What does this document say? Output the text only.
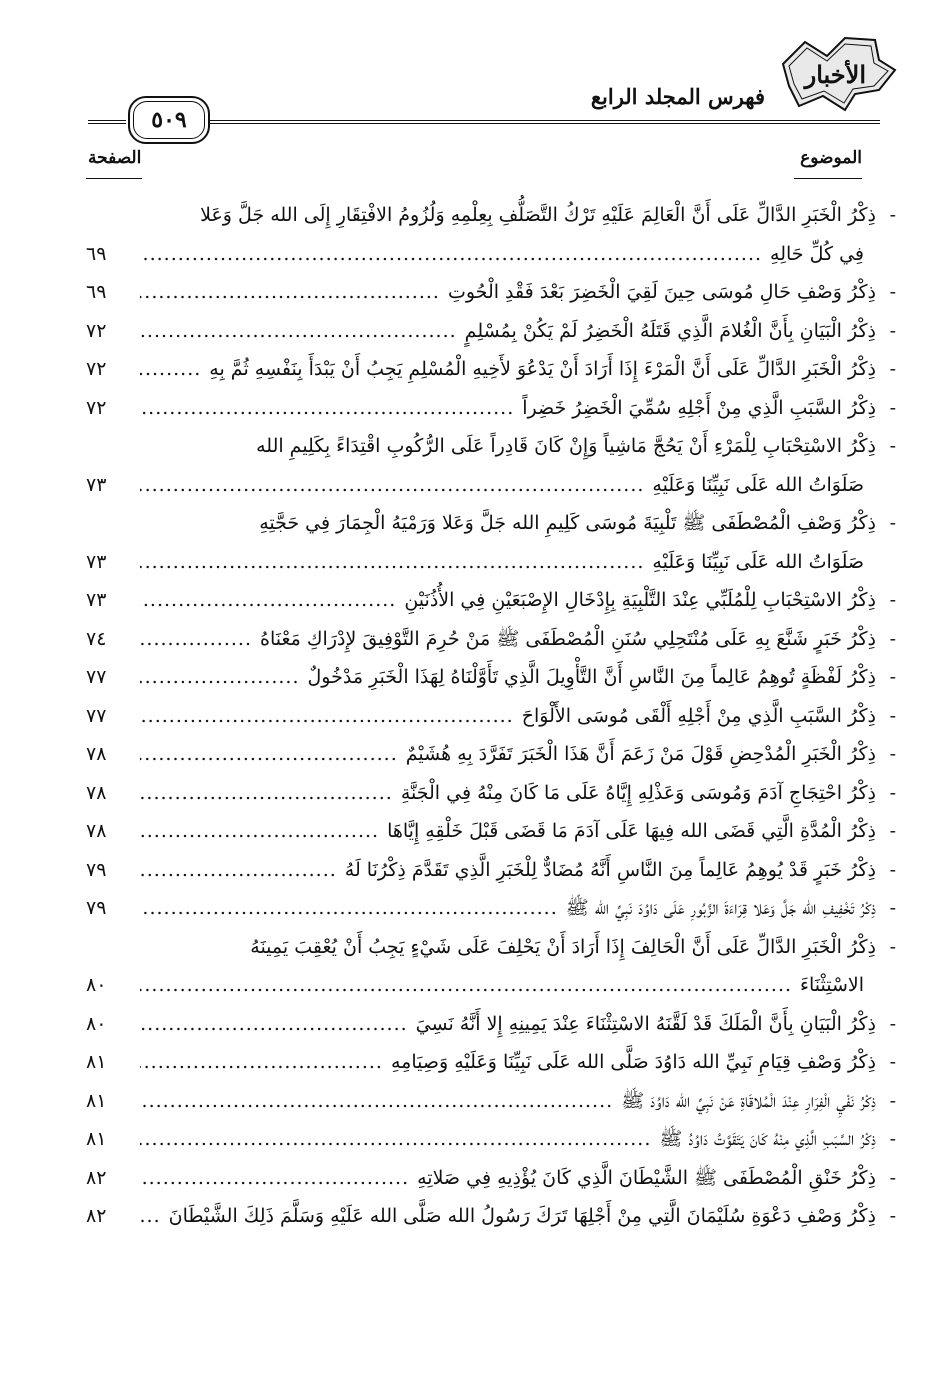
الأخبار
فهرس المجلد الرابع
٥٠٩
الموضوع
الصفحة
-
ذِكْرُ الْخَبَرِ الدَّالِّ عَلَى أَنَّ الْعَالِمَ عَلَيْهِ تَرْكُ التَّصَلُّفِ بِعِلْمِهِ وَلُزُومُ الافْتِقَارِ إِلَى الله جَلَّ وَعَلا
فِي كُلِّ حَالِهِ
.....
٦٩
-
ذِكْرُ وَصْفِ حَالِ مُوسَى حِينَ لَقِيَ الْخَضِرَ بَعْدَ فَقْدِ الْحُوتِ
.....
٦٩
-
ذِكْرُ الْبَيَانِ بِأَنَّ الْغُلامَ الَّذِي قَتَلَهُ الْخَضِرُ لَمْ يَكُنْ بِمُسْلِمٍ
.....
٧٢
-
ذِكْرُ الْخَبَرِ الدَّالِّ عَلَى أَنَّ الْمَرْءَ إِذَا أَرَادَ أَنْ يَدْعُوَ لأَخِيهِ الْمُسْلِمِ يَجِبُ أَنْ يَبْدَأَ بِنَفْسِهِ ثُمَّ بِهِ
.....
٧٢
-
ذِكْرُ السَّبَبِ الَّذِي مِنْ أَجْلِهِ سُمِّيَ الْخَضِرُ خَضِراً
.....
٧٢
-
ذِكْرُ الاسْتِحْبَابِ لِلْمَرْءِ أَنْ يَحُجَّ مَاشِياً وَإِنْ كَانَ قَادِراً عَلَى الرُّكُوبِ اقْتِدَاءً بِكَلِيمِ الله
صَلَوَاتُ الله عَلَى نَبِيِّنَا وَعَلَيْهِ
.....
٧٣
-
ذِكْرُ وَصْفِ الْمُصْطَفَى ﷺ تَلْبِيَةَ مُوسَى كَلِيمِ الله جَلَّ وَعَلا وَرَمْيَهُ الْجِمَارَ فِي حَجَّتِهِ
صَلَوَاتُ الله عَلَى نَبِيِّنَا وَعَلَيْهِ
.....
٧٣
-
ذِكْرُ الاسْتِحْبَابِ لِلْمُلَبِّي عِنْدَ التَّلْبِيَةِ بِإِدْخَالِ الإِصْبَعَيْنِ فِي الأُذُنَيْنِ
.....
٧٣
-
ذِكْرُ خَبَرٍ شَنَّعَ بِهِ عَلَى مُنْتَحِلِي سُنَنِ الْمُصْطَفَى ﷺ مَنْ حُرِمَ التَّوْفِيقَ لإِدْرَاكِ مَعْنَاهُ
.....
٧٤
-
ذِكْرُ لَفْظَةٍ تُوهِمُ عَالِماً مِنَ النَّاسِ أَنَّ التَّأْوِيلَ الَّذِي تَأَوَّلْنَاهُ لِهَذَا الْخَبَرِ مَدْخُولٌ
.....
٧٧
-
ذِكْرُ السَّبَبِ الَّذِي مِنْ أَجْلِهِ أَلْقَى مُوسَى الأَلْوَاحَ
.....
٧٧
-
ذِكْرُ الْخَبَرِ الْمُدْحِضِ قَوْلَ مَنْ زَعَمَ أَنَّ هَذَا الْخَبَرَ تَفَرَّدَ بِهِ هُشَيْمٌ
.....
٧٨
-
ذِكْرُ احْتِجَاجِ آدَمَ وَمُوسَى وَعَذْلِهِ إِيَّاهُ عَلَى مَا كَانَ مِنْهُ فِي الْجَنَّةِ
.....
٧٨
-
ذِكْرُ الْمُدَّةِ الَّتِي قَضَى الله فِيهَا عَلَى آدَمَ مَا قَضَى قَبْلَ خَلْقِهِ إِيَّاهَا
.....
٧٨
-
ذِكْرُ خَبَرٍ قَدْ يُوهِمُ عَالِماً مِنَ النَّاسِ أَنَّهُ مُضَادٌّ لِلْخَبَرِ الَّذِي تَقَدَّمَ ذِكْرُنَا لَهُ
.....
٧٩
-
ذِكْرُ تَخْفِيفِ الله جَلَّ وَعَلا قِرَاءَةَ الزَّبُورِ عَلَى دَاوُدَ نَبِيِّ الله ﷺ
.....
٧٩
-
ذِكْرُ الْخَبَرِ الدَّالِّ عَلَى أَنَّ الْحَالِفَ إِذَا أَرَادَ أَنْ يَحْلِفَ عَلَى شَيْءٍ يَجِبُ أَنْ يُعْقِبَ يَمِينَهُ
الاسْتِثْنَاءَ
.....
٨٠
-
ذِكْرُ الْبَيَانِ بِأَنَّ الْمَلَكَ قَدْ لَقَّنَهُ الاسْتِثْنَاءَ عِنْدَ يَمِينِهِ إِلا أَنَّهُ نَسِيَ
.....
٨٠
-
ذِكْرُ وَصْفِ قِيَامِ نَبِيِّ الله دَاوُدَ صَلَّى الله عَلَى نَبِيِّنَا وَعَلَيْهِ وَصِيَامِهِ
.....
٨١
-
ذِكْرُ نَفْيِ الْفِرَارِ عِنْدَ الْمُلاقَاةِ عَنْ نَبِيِّ الله دَاوُدَ ﷺ
.....
٨١
-
ذِكْرُ السَّبَبِ الَّذِي مِنْهُ كَانَ يَتَقَوَّتُ دَاوُدُ ﷺ
.....
٨١
-
ذِكْرُ خَنْقِ الْمُصْطَفَى ﷺ الشَّيْطَانَ الَّذِي كَانَ يُؤْذِيهِ فِي صَلاتِهِ
.....
٨٢
-
ذِكْرُ وَصْفِ دَعْوَةِ سُلَيْمَانَ الَّتِي مِنْ أَجْلِهَا تَرَكَ رَسُولُ الله صَلَّى الله عَلَيْهِ وَسَلَّمَ ذَلِكَ الشَّيْطَانَ
.....
٨٢
